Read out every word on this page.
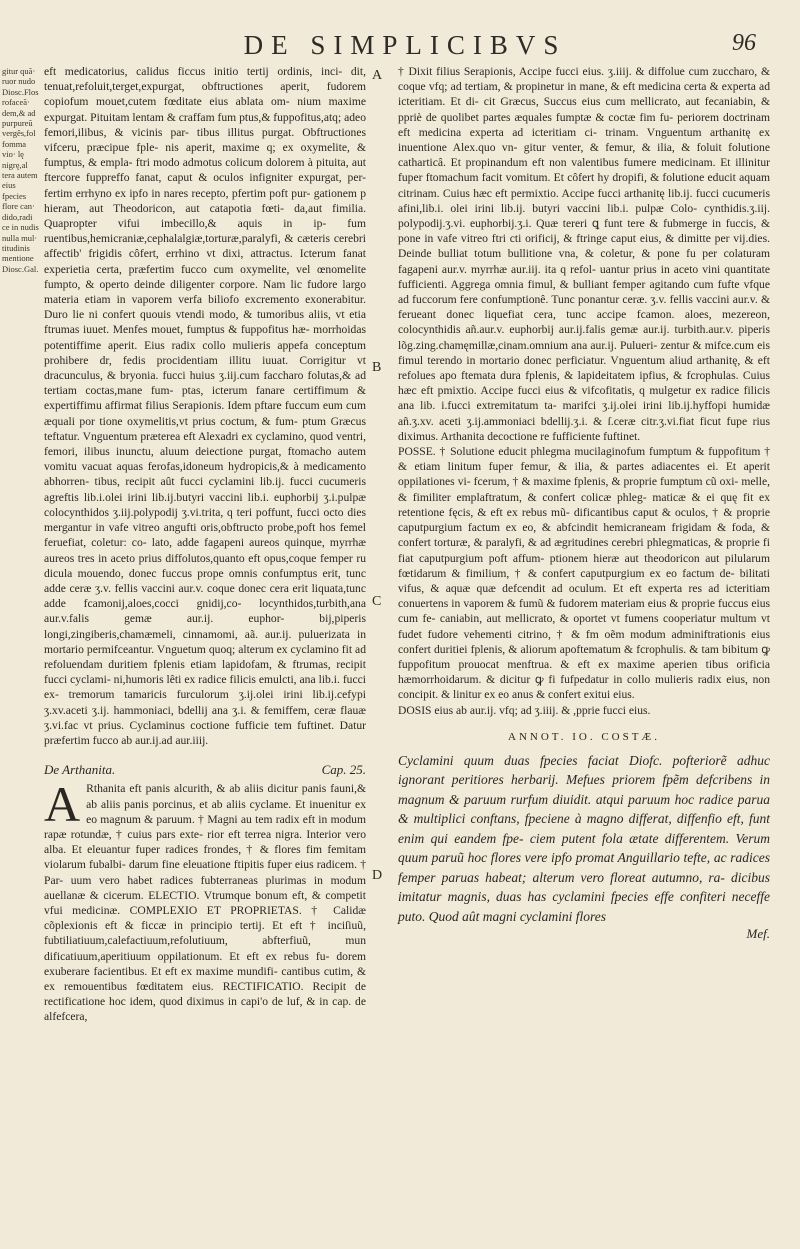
DE SIMPLICIBVS	96
gitur quã· ruor nudo Diosc.Flos rofaceã· dem,& ad purpureũ vergês,fol fomma vio· lę nigrę,al tera autem eius fpecies flore can· dido,radi ce in nudis nulla mul· titudinis mentione Diosc.Gal.

eft medicatorius, calidus ficcus initio tertij ordinis, inci- dit, tenuat,refoluit,terget,expurgat, obftructiones aperit, fudorem copiofum mouet,cutem fœditate eius ablata om- nium maxime expurgat. Pituitam lentam & craffam fum ptus,& fuppofitus,atq; adeo femori,ilibus, & vicinis par- tibus illitus purgat. Obftructiones vifceru, præcipue fple- nis aperit, maxime q; ex oxymelite, & fumptus, & empla- ftri modo admotus colicum dolorem à pituita, aut ftercore fuppreffo fanat, caput & oculos infigniter expurgat, per- fertim errhyno ex ipfo in nares recepto, pfertim poft pur- gationem p hieram, aut Theodoricon, aut catapotia fœti- da,aut fimilia. Quapropter vifui imbecillo,& aquis in ip- fum ruentibus,hemicraniæ,cephalalgiæ,torturæ,paralyfi, & cæteris cerebri affectib' frigidis côfert, errhino vt dixi, attractus. Icterum fanat experietia certa, præfertim fucco cum oxymelite, vel œnomelite fumpto, & operto deinde diligenter corpore. Nam lic fudore largo materia etiam in vaporem verfa biliofo excremento exonerabitur. Duro lie ni confert quouis vtendi modo, & tumoribus aliis, vt etia ftrumas iuuet. Menfes mouet, fumptus & fuppofitus hæ- morrhoidas potentiffime aperit. Eius radix collo mulieris appefa conceptum prohibere dr, fedis procidentiam illitu iuuat. Corrigitur vt dracunculus, & bryonia. fucci huius ʒ.iij.cum faccharo folutas,& ad tertiam coctas,mane fum- ptas, icterum fanare certiffimum & expertiffimu affirmat filius Serapionis. Idem pftare fuccum eum cum æquali por tione oxymelitis,vt prius coctum, & fum- ptum Græcus teftatur. Vnguentum præterea eft Alexadri ex cyclamino, quod ventri, femori, ilibus inunctu, aluum deiectione purgat, ftomacho autem vomitu vacuat aquas ferofas,idoneum hydropicis,& à medicamento abhorren- tibus, recipit aût fucci cyclamini lib.ij. fucci cucumeris agreftis lib.i.olei irini lib.ij.butyri vaccini lib.i. euphorbij ʒ.i.pulpæ colocynthidos ʒ.iij.polypodij ʒ.vi.trita, q teri poffunt, fucci octo dies mergantur in vafe vitreo angufti oris,obftructo probe,poft hos femel feruefiat, coletur: co- lato, adde fagapeni aureos quinque, myrrhæ aureos tres in aceto prius diffolutos,quanto eft opus,coque femper ru dicula mouendo, donec fuccus prope omnis confumptus erit, tunc adde ceræ ʒ.v. fellis vaccini aur.v. coque donec cera erit liquata,tunc adde fcamonij,aloes,cocci gnidij,co- locynthidos,turbith,ana aur.v.falis gemæ aur.ij. euphor- bij,piperis longi,zingiberis,chamæmeli, cinnamomi, aã. aur.ij. puluerizata in mortario permifceantur. Vnguetum quoq; alterum ex cyclamino fit ad refoluendam duritiem fplenis etiam lapidofam, & ftrumas, recipit fucci cyclami- ni,humoris lêti ex radice filicis emulcti, ana lib.i. fucci ex- tremorum tamaricis furculorum ʒ.ij.olei irini lib.ij.cefypi ʒ.xv.aceti ʒ.ij. hammoniaci, bdellij ana ʒ.i. & femiffem, ceræ flauæ ʒ.vi.fac vt prius. Cyclaminus coctione fufficie tem fuftinet. Datur præfertim fucco ab aur.ij.ad aur.iiij.

De Arthanita.	Cap. 25.
A Rthanita eft panis alcurith, & ab aliis dicitur panis fauni,& ab aliis panis porcinus, et ab aliis cyclame. Et inuenitur ex eo magnum & paruum. † Magni au tem radix eft in modum rapæ rotundæ, † cuius pars exte- rior eft terrea nigra. Interior vero alba. Et eleuantur fuper radices frondes, † & flores fim femitam violarum fubalbi- darum fine eleuatione ftipitis fuper eius radicem. † Par- uum vero habet radices fubterraneas plurimas in modum auellanæ & cicerum. ELECTIO. Vtrumque bonum eft, & competit vfui medicinæ. COMPLEXIO ET PROPRIETAS. † Calidæ cõplexionis eft & ficcæ in principio tertij. Et eft † inciſiuũ, fubtiliatiuum,calefactiuum,refolutiuum, abfterfiuũ, mun dificatiuum,aperitiuum oppilationum. Et eft ex rebus fu- dorem exuberare facientibus. Et eft ex maxime mundifi- cantibus cutim, & ex remouentibus fœditatem eius. RECTIFICATIO. Recipit de rectificatione hoc idem, quod diximus in capi'o de luf, & in cap. de alfefcera,
A
B
C
D

† Dixit filius Serapionis, Accipe fucci eius. ʒ.iiij. & diffolue cum zuccharo, & coque vfq; ad tertiam, & propinetur in mane, & eft medicina certa & experta ad icteritiam. Et di- cit Græcus, Succus eius cum mellicrato, aut fecaniabin, & ppriè de quolibet partes æquales fumptæ & coctæ fim fu- periorem doctrinam eft medicina experta ad icteritiam ci- trinam. Vnguentum arthanitę ex inuentione Alex.quo vn- gitur venter, & femur, & ilia, & foluit folutione catharticâ. Et propinandum eft non valentibus fumere medicinam. Et illinitur fuper ftomachum facit vomitum. Et côfert hy dropifi, & folutione educit aquam citrinam. Cuius hæc eft permixtio. Accipe fucci arthanitę lib.ij. fucci cucumeris afini,lib.i. olei irini lib.ij. butyri vaccini lib.i. pulpæ Colo- cynthidis.ʒ.iij. polypodij.ʒ.vi. euphorbij.ʒ.i. Quæ tereri ꝗ funt tere & fubmerge in fuccis, & pone in vafe vitreo ftri cti orificij, & ftringe caput eius, & dimitte per vij.dies. Deinde bulliat totum bullitione vna, & coletur, & pone fu per colaturam fagapeni aur.v. myrrhæ aur.iij. ita q refol- uantur prius in aceto vini quantitate fufficienti. Aggrega omnia fimul, & bulliant femper agitando cum fufte vfque ad fuccorum fere confumptionê. Tunc ponantur ceræ. ʒ.v. fellis vaccini aur.v. & ferueant donec liquefiat cera, tunc accipe fcamon. aloes, mezereon, colocynthidis añ.aur.v. euphorbij aur.ij.falis gemæ aur.ij. turbith.aur.v. piperis lõg.zing.chamęmillæ,cinam.omnium ana aur.ij. Pulueri- zentur & mifce.cum eis fimul terendo in mortario donec perficiatur. Vnguentum aliud arthanitę, & eft refolues apo ftemata dura fplenis, & lapideitatem ipfius, & fcrophulas. Cuius hæc eft pmixtio. Accipe fucci eius & vifcofitatis, q mulgetur ex radice filicis ana lib. i.fucci extremitatum ta- marifci ʒ.ij.olei irini lib.ij.hyffopi humidæ añ.ʒ.xv. aceti ʒ.ij.ammoniaci bdellij.ʒ.i. & ſ.ceræ citr.ʒ.vi.fiat ficut fupe rius diximus. Arthanita decoctione re fufficiente fuftinet.

POSSE. † Solutione educit phlegma mucilaginofum fumptum & fuppofitum † & etiam linitum fuper femur, & ilia, & partes adiacentes ei. Et aperit oppilationes vi- fcerum, † & maxime fplenis, & proprie fumptum cũ oxi- melle, & fimiliter emplaftratum, & confert colicæ phleg- maticæ & ei quę fit ex retentione fęcis, & eft ex rebus mũ- dificantibus caput & oculos, † & proprie caputpurgium factum ex eo, & abfcindit hemicraneam frigidam & foda, & confert torturæ, & paralyfi, & ad ægritudines cerebri phlegmaticas, & proprie fi fiat caputpurgium poft affum- ptionem hieræ aut theodoricon aut pilularum fœtidarum & fimilium, † & confert caputpurgium ex eo factum de- bilitati vifus, & aquæ quæ defcendit ad oculum. Et eft experta res ad icteritiam conuertens in vaporem & fumũ & fudorem materiam eius & proprie fuccus eius cum fe- caniabin, aut mellicrato, & oportet vt fumens cooperiatur multum vt fudet fudore vehementi citrino, † & fm oẽm modum adminiftrationis eius confert duritiei fplenis, & aliorum apoftematum & fcrophulis. & tam bibitum ꝙ fuppofitum prouocat menftrua. & eft ex maxime aperien tibus orificia hæmorrhoidarum. & dicitur ꝙ fi fufpedatur in collo mulieris radix eius, non concipit. & linitur ex eo anus & confert exitui eius.

DOSIS eius ab aur.ij. vfq; ad ʒ.iiij. & ,pprie fucci eius.

ANNOT. IO. COSTÆ.

Cyclamini quum duas fpecies faciat Diofc. pofteriorẽ adhuc ignorant peritiores herbarij. Mefues priorem fpẽm defcribens in magnum & paruum rurfum diuidit. atqui paruum hoc radice parua & multiplici conftans, fpeciene à magno differat, diffenfio eft, funt enim qui eandem fpe- ciem putent fola ætate differentem. Verum quum paruũ hoc flores vere ipfo promat Anguillario tefte, ac radices femper paruas habeat; alterum vero floreat autumno, ra- dicibus imitatur magnis, duas has cyclamini fpecies effe confiteri neceffe puto. Quod aût magni cyclamini flores

Mef.
